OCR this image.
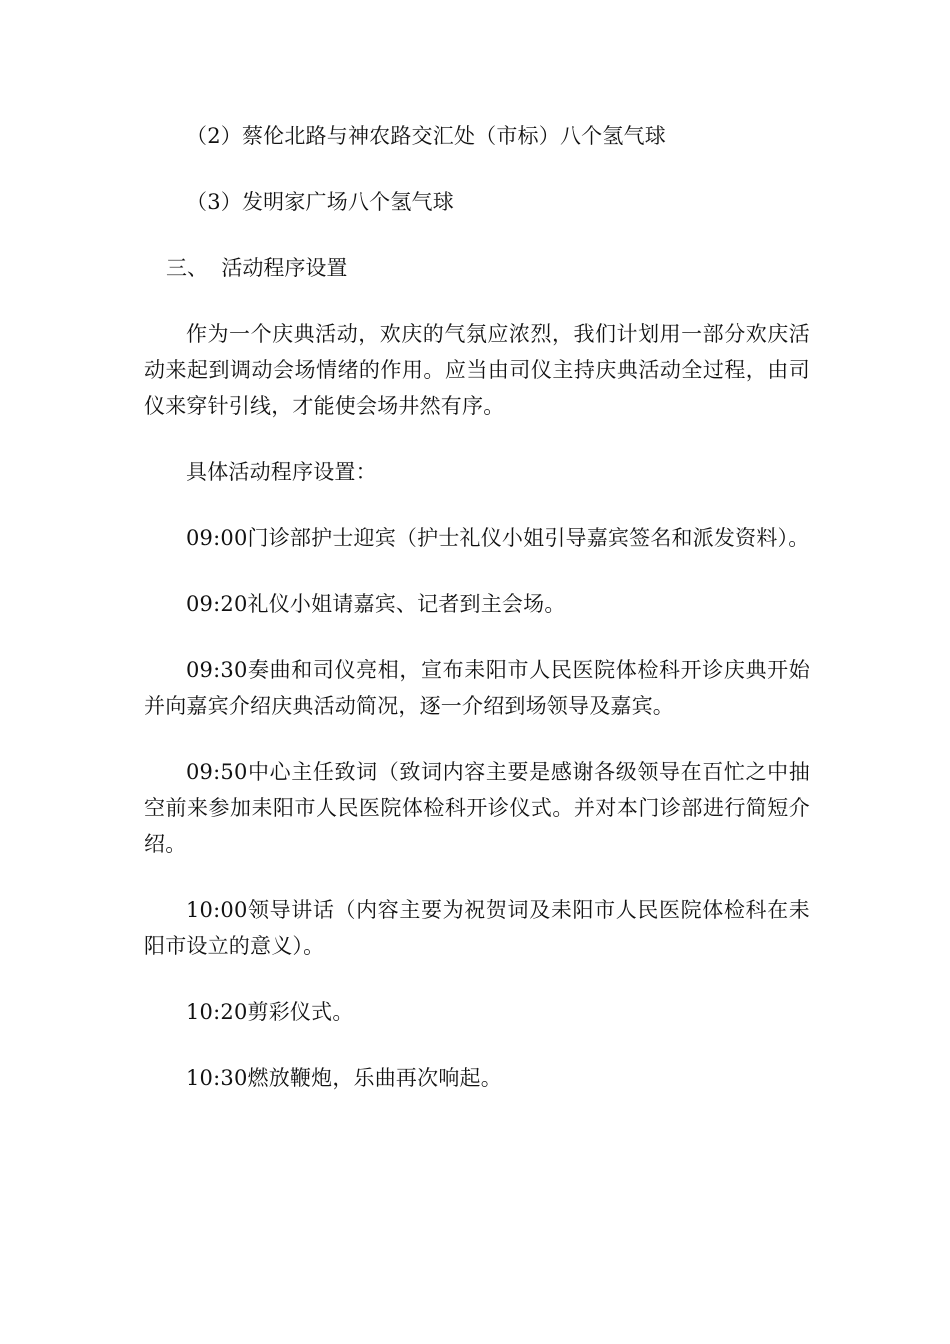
（2）蔡伦北路与神农路交汇处（市标）八个氢气球

（3）发明家广场八个氢气球

三、  活动程序设置

作为一个庆典活动，欢庆的气氛应浓烈，我们计划用一部分欢庆活动来起到调动会场情绪的作用。应当由司仪主持庆典活动全过程，由司仪来穿针引线，才能使会场井然有序。

具体活动程序设置：

09:00门诊部护士迎宾（护士礼仪小姐引导嘉宾签名和派发资料）。

09:20礼仪小姐请嘉宾、记者到主会场。

09:30奏曲和司仪亮相，宣布耒阳市人民医院体检科开诊庆典开始并向嘉宾介绍庆典活动简况，逐一介绍到场领导及嘉宾。

09:50中心主任致词（致词内容主要是感谢各级领导在百忙之中抽空前来参加耒阳市人民医院体检科开诊仪式。并对本门诊部进行简短介绍。

10:00领导讲话（内容主要为祝贺词及耒阳市人民医院体检科在耒阳市设立的意义）。

10:20剪彩仪式。

10:30燃放鞭炮，乐曲再次响起。
